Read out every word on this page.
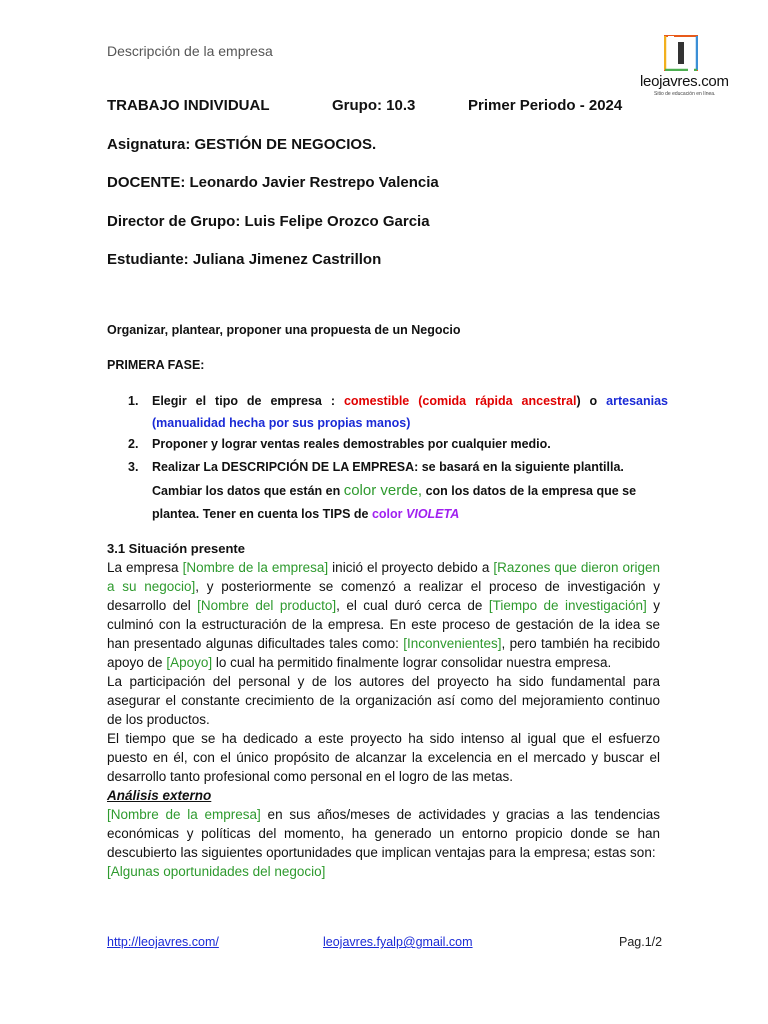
Descripción de la empresa
leojavres.com
Sitio de educación en línea.
TRABAJO INDIVIDUAL	Grupo: 10.3	Primer Periodo - 2024
Asignatura: GESTIÓN DE NEGOCIOS.
DOCENTE: Leonardo Javier Restrepo Valencia
Director de Grupo: Luis Felipe Orozco Garcia
Estudiante: Juliana Jimenez Castrillon
Organizar, plantear, proponer una propuesta de un Negocio
PRIMERA FASE:
1. Elegir el tipo de empresa : comestible (comida rápida ancestral) o artesanias (manualidad hecha por sus propias manos)
2. Proponer y lograr ventas reales demostrables por cualquier medio.
3. Realizar La DESCRIPCIÓN DE LA EMPRESA: se basará en la siguiente plantilla. Cambiar los datos que están en color verde, con los datos de la empresa que se plantea. Tener en cuenta los TIPS de color VIOLETA

3.1 Situación presente

La empresa [Nombre de la empresa] inició el proyecto debido a [Razones que dieron origen a su negocio], y posteriormente se comenzó a realizar el proceso de investigación y desarrollo del [Nombre del producto], el cual duró cerca de [Tiempo de investigación] y culminó con la estructuración de la empresa. En este proceso de gestación de la idea se han presentado algunas dificultades tales como: [Inconvenientes], pero también ha recibido apoyo de [Apoyo] lo cual ha permitido finalmente lograr consolidar nuestra empresa.

La participación del personal y de los autores del proyecto ha sido fundamental para asegurar el constante crecimiento de la organización así como del mejoramiento continuo de los productos.

El tiempo que se ha dedicado a este proyecto ha sido intenso al igual que el esfuerzo puesto en él, con el único propósito de alcanzar la excelencia en el mercado y buscar el desarrollo tanto profesional como personal en el logro de las metas.

Análisis externo

[Nombre de la empresa] en sus años/meses de actividades y gracias a las tendencias económicas y políticas del momento, ha generado un entorno propicio donde se han descubierto las siguientes oportunidades que implican ventajas para la empresa; estas son:

[Algunas oportunidades del negocio]

http://leojavres.com/	leojavres.fyalp@gmail.com	Pag.1/2
